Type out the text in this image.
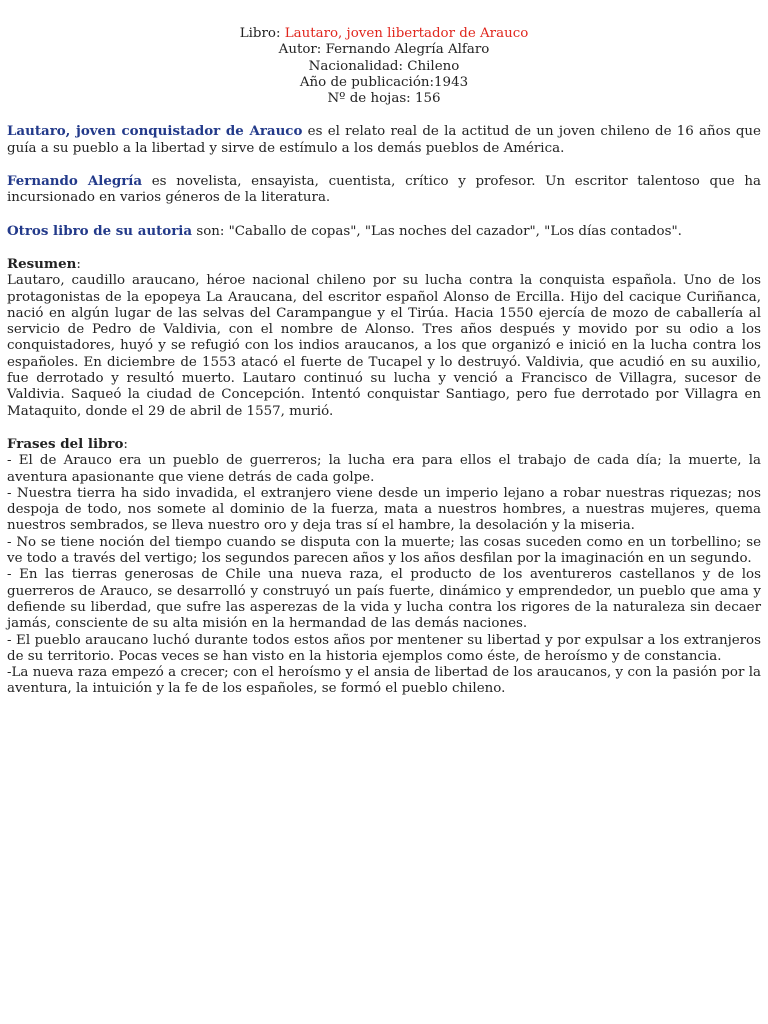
Libro: Lautaro, joven libertador de Arauco
Autor: Fernando Alegría Alfaro
Nacionalidad: Chileno
Año de publicación:1943
Nº de hojas: 156

Lautaro, joven conquistador de Arauco es el relato real de la actitud de un joven chileno de 16 años que guía a su pueblo a la libertad y sirve de estímulo a los demás pueblos de América.

Fernando Alegría es novelista, ensayista, cuentista, crítico y profesor. Un escritor talentoso que ha incursionado en varios géneros de la literatura.

Otros libro de su autoria son: "Caballo de copas", "Las noches del cazador", "Los días contados".

Resumen:

Lautaro, caudillo araucano, héroe nacional chileno por su lucha contra la conquista española. Uno de los protagonistas de la epopeya La Araucana, del escritor español Alonso de Ercilla. Hijo del cacique Curiñanca, nació en algún lugar de las selvas del Carampangue y el Tirúa. Hacia 1550 ejercía de mozo de caballería al servicio de Pedro de Valdivia, con el nombre de Alonso. Tres años después y movido por su odio a los conquistadores, huyó y se refugió con los indios araucanos, a los que organizó e inició en la lucha contra los españoles. En diciembre de 1553 atacó el fuerte de Tucapel y lo destruyó. Valdivia, que acudió en su auxilio, fue derrotado y resultó muerto. Lautaro continuó su lucha y venció a Francisco de Villagra, sucesor de Valdivia. Saqueó la ciudad de Concepción. Intentó conquistar Santiago, pero fue derrotado por Villagra en Mataquito, donde el 29 de abril de 1557, murió.

Frases del libro:
- El de Arauco era un pueblo de guerreros; la lucha era para ellos el trabajo de cada día; la muerte, la aventura apasionante que viene detrás de cada golpe.
- Nuestra tierra ha sido invadida, el extranjero viene desde un imperio lejano a robar nuestras riquezas; nos despoja de todo, nos somete al dominio de la fuerza, mata a nuestros hombres, a nuestras mujeres, quema nuestros sembrados, se lleva nuestro oro y deja tras sí el hambre, la desolación y la miseria.
- No se tiene noción del tiempo cuando se disputa con la muerte; las cosas suceden como en un torbellino; se ve todo a través del vertigo; los segundos parecen años y los años desfilan por la imaginación en un segundo.
- En las tierras generosas de Chile una nueva raza, el producto de los aventureros castellanos y de los guerreros de Arauco, se desarrolló y construyó un país fuerte, dinámico y emprendedor, un pueblo que ama y defiende su liberdad, que sufre las asperezas de la vida y lucha contra los rigores de la naturaleza sin decaer jamás, consciente de su alta misión en la hermandad de las demás naciones.
- El pueblo araucano luchó durante todos estos años por mentener su libertad y por expulsar a los extranjeros de su territorio. Pocas veces se han visto en la historia ejemplos como éste, de heroísmo y de constancia.
-La nueva raza empezó a crecer; con el heroísmo y el ansia de libertad de los araucanos, y con la pasión por la aventura, la intuición y la fe de los españoles, se formó el pueblo chileno.
